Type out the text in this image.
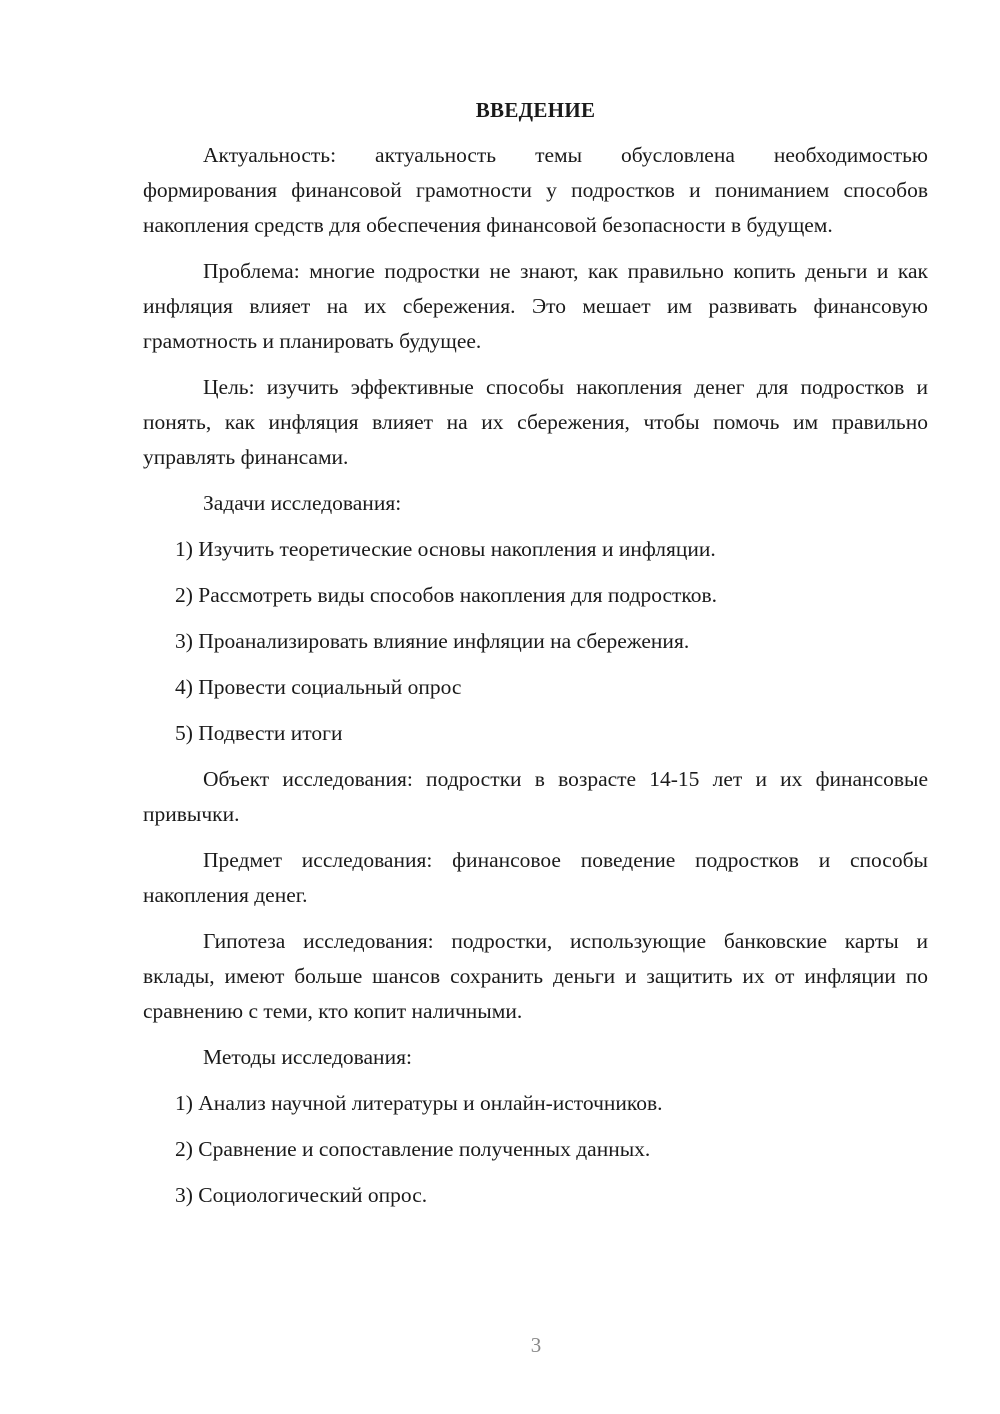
ВВЕДЕНИЕ

Актуальность: актуальность темы обусловлена необходимостью формирования финансовой грамотности у подростков и пониманием способов накопления средств для обеспечения финансовой безопасности в будущем.

Проблема: многие подростки не знают, как правильно копить деньги и как инфляция влияет на их сбережения. Это мешает им развивать финансовую грамотность и планировать будущее.

Цель: изучить эффективные способы накопления денег для подростков и понять, как инфляция влияет на их сбережения, чтобы помочь им правильно управлять финансами.

Задачи исследования:

1) Изучить теоретические основы накопления и инфляции.
2) Рассмотреть виды способов накопления для подростков.
3) Проанализировать влияние инфляции на сбережения.
4) Провести социальный опрос
5) Подвести итоги

Объект исследования: подростки в возрасте 14-15 лет и их финансовые привычки.

Предмет исследования: финансовое поведение подростков и способы накопления денег.

Гипотеза исследования: подростки, использующие банковские карты и вклады, имеют больше шансов сохранить деньги и защитить их от инфляции по сравнению с теми, кто копит наличными.

Методы исследования:

1) Анализ научной литературы и онлайн-источников.
2) Сравнение и сопоставление полученных данных.
3) Социологический опрос.
3
